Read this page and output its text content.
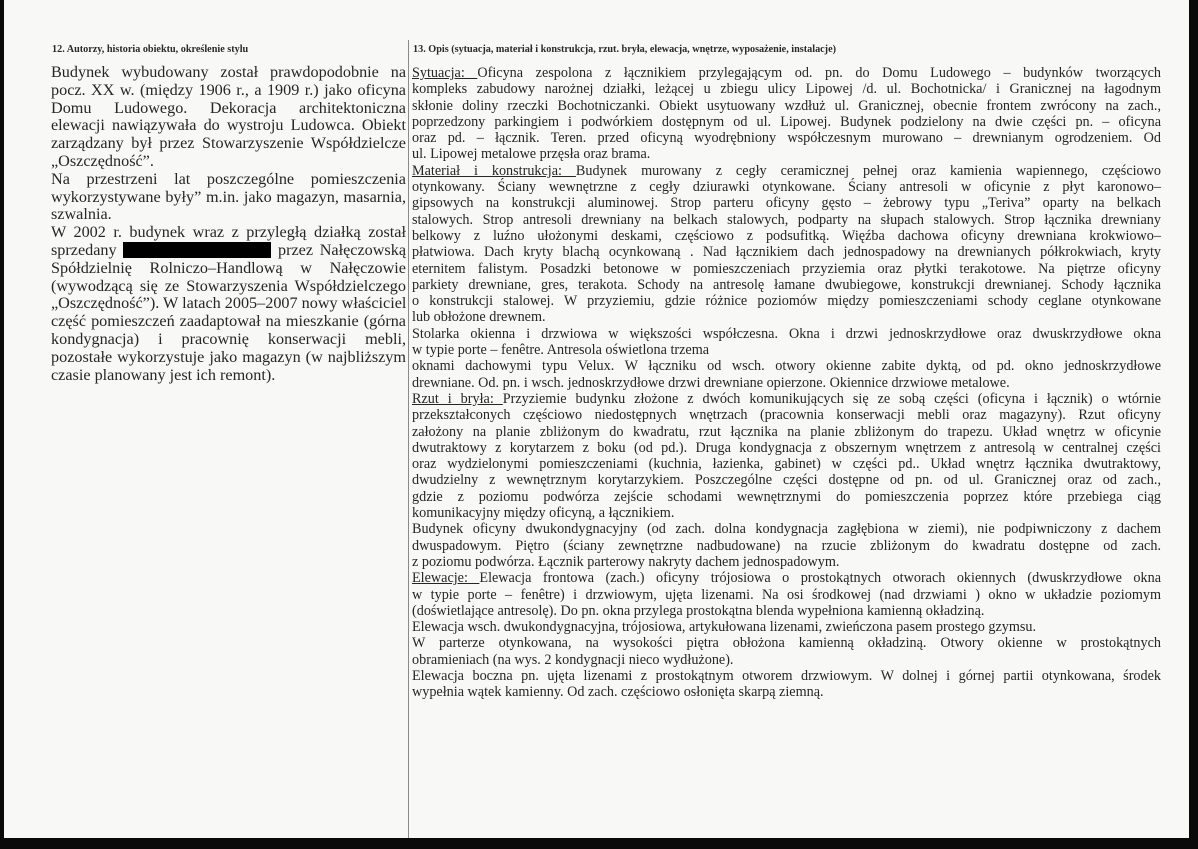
12. Autorzy, historia obiektu, określenie stylu	13. Opis (sytuacja, materiał i konstrukcja, rzut. bryła, elewacja, wnętrze, wyposażenie, instalacje)
Budynek wybudowany został prawdopodobnie na
pocz. XX w. (między 1906 r., a 1909 r.) jako oficyna
Domu Ludowego. Dekoracja architektoniczna
elewacji nawiązywała do wystroju Ludowca. Obiekt
zarządzany był przez Stowarzyszenie Współdzielcze
„Oszczędność”.
Na przestrzeni lat poszczególne pomieszczenia
wykorzystywane były” m.in. jako magazyn, masarnia,
szwalnia.
W 2002 r. budynek wraz z przyległą działką został
sprzedany	przez Nałęczowską
Spółdzielnię Rolniczo–Handlową w Nałęczowie
(wywodzącą się ze Stowarzyszenia Współdzielczego
„Oszczędność”). W latach 2005–2007 nowy właściciel
część pomieszczeń zaadaptował na mieszkanie (górna
kondygnacja) i pracownię konserwacji mebli,
pozostałe wykorzystuje jako magazyn (w najbliższym
czasie planowany jest ich remont).
Sytuacja: Oficyna zespolona z łącznikiem przylegającym od. pn. do Domu Ludowego – budynków tworzących
kompleks zabudowy narożnej działki, leżącej u zbiegu ulicy Lipowej /d. ul. Bochotnicka/ i Granicznej na łagodnym
skłonie doliny rzeczki Bochotniczanki. Obiekt usytuowany wzdłuż ul. Granicznej, obecnie frontem zwrócony na zach.,
poprzedzony parkingiem i podwórkiem dostępnym od ul. Lipowej. Budynek podzielony na dwie części pn. – oficyna
oraz pd. – łącznik. Teren. przed oficyną wyodrębniony współczesnym murowano – drewnianym ogrodzeniem. Od
ul. Lipowej metalowe przęsła oraz brama.
Materiał i konstrukcja: Budynek murowany z cegły ceramicznej pełnej oraz kamienia wapiennego, częściowo
otynkowany. Ściany wewnętrzne z cegły dziurawki otynkowane. Ściany antresoli w oficynie z płyt karonowo–
gipsowych na konstrukcji aluminowej. Strop parteru oficyny gęsto – żebrowy typu „Teriva” oparty na belkach
stalowych. Strop antresoli drewniany na belkach stalowych, podparty na słupach stalowych. Strop łącznika drewniany
belkowy z luźno ułożonymi deskami, częściowo z podsufitką. Więźba dachowa oficyny drewniana krokwiowo–
płatwiowa. Dach kryty blachą ocynkowaną . Nad łącznikiem dach jednospadowy na drewnianych półkrokwiach, kryty
eternitem falistym. Posadzki betonowe w pomieszczeniach przyziemia oraz płytki terakotowe. Na piętrze oficyny
parkiety drewniane, gres, terakota. Schody na antresolę łamane dwubiegowe, konstrukcji drewnianej. Schody łącznika
o konstrukcji stalowej. W przyziemiu, gdzie różnice poziomów między pomieszczeniami schody ceglane otynkowane
lub obłożone drewnem.
Stolarka okienna i drzwiowa w większości współczesna. Okna i drzwi jednoskrzydłowe oraz dwuskrzydłowe okna
w typie porte – fenêtre. Antresola oświetlona trzema
oknami dachowymi typu Velux. W łączniku od wsch. otwory okienne zabite dyktą, od pd. okno jednoskrzydłowe
drewniane. Od. pn. i wsch. jednoskrzydłowe drzwi drewniane opierzone. Okiennice drzwiowe metalowe.
Rzut i bryła: Przyziemie budynku złożone z dwóch komunikujących się ze sobą części (oficyna i łącznik) o wtórnie
przekształconych częściowo niedostępnych wnętrzach (pracownia konserwacji mebli oraz magazyny). Rzut oficyny
założony na planie zbliżonym do kwadratu, rzut łącznika na planie zbliżonym do trapezu. Układ wnętrz w oficynie
dwutraktowy z korytarzem z boku (od pd.). Druga kondygnacja z obszernym wnętrzem z antresolą w centralnej części
oraz wydzielonymi pomieszczeniami (kuchnia, łazienka, gabinet) w części pd.. Układ wnętrz łącznika dwutraktowy,
dwudzielny z wewnętrznym korytarzykiem. Poszczególne części dostępne od pn. od ul. Granicznej oraz od zach.,
gdzie z poziomu podwórza zejście schodami wewnętrznymi do pomieszczenia poprzez które przebiega ciąg
komunikacyjny między oficyną, a łącznikiem.
Budynek oficyny dwukondygnacyjny (od zach. dolna kondygnacja zagłębiona w ziemi), nie podpiwniczony z dachem
dwuspadowym. Piętro (ściany zewnętrzne nadbudowane) na rzucie zbliżonym do kwadratu dostępne od zach.
z poziomu podwórza. Łącznik parterowy nakryty dachem jednospadowym.
Elewacje: Elewacja frontowa (zach.) oficyny trójosiowa o prostokątnych otworach okiennych (dwuskrzydłowe okna
w typie porte – fenêtre) i drzwiowym, ujęta lizenami. Na osi środkowej (nad drzwiami ) okno w układzie poziomym
(doświetlające antresolę). Do pn. okna przylega prostokątna blenda wypełniona kamienną okładziną.
Elewacja wsch. dwukondygnacyjna, trójosiowa, artykułowana lizenami, zwieńczona pasem prostego gzymsu.
W parterze otynkowana, na wysokości piętra obłożona kamienną okładziną. Otwory okienne w prostokątnych
obramieniach (na wys. 2 kondygnacji nieco wydłużone).
Elewacja boczna pn. ujęta lizenami z prostokątnym otworem drzwiowym. W dolnej i górnej partii otynkowana, środek
wypełnia wątek kamienny. Od zach. częściowo osłonięta skarpą ziemną.
